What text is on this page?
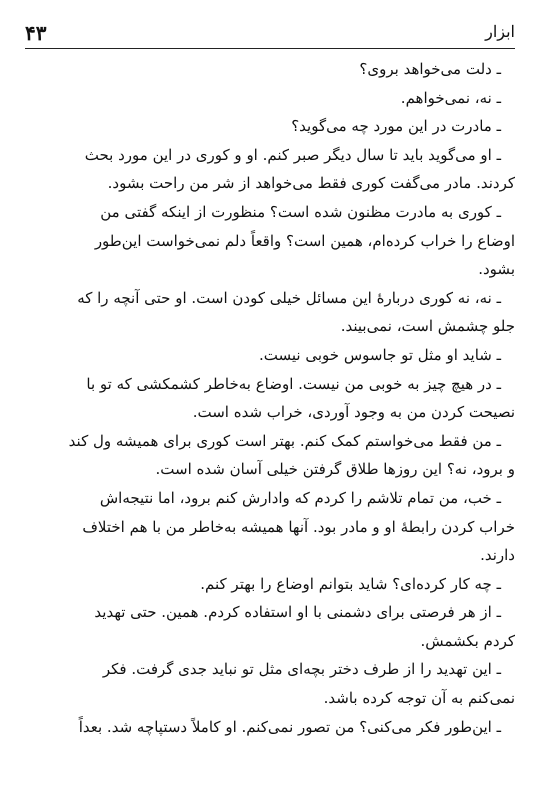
ابزار
۴۳
ـ دلت می‌خواهد بروی؟
ـ نه، نمی‌خواهم.
ـ مادرت در این مورد چه می‌گوید؟
ـ او می‌گوید باید تا سال دیگر صبر کنم. او و کوری در این مورد بحث
کردند. مادر می‌گفت کوری فقط می‌خواهد از شر من راحت بشود.
ـ کوری به مادرت مظنون شده است؟ منظورت از اینکه گفتی من
اوضاع را خراب کرده‌ام، همین است؟ واقعاً دلم نمی‌خواست این‌طور
بشود.
ـ نه، نه کوری دربارهٔ این مسائل خیلی کودن است. او حتی آنچه را که
جلو چشمش است، نمی‌بیند.
ـ شاید او مثل تو جاسوس خوبی نیست.
ـ در هیچ چیز به خوبی من نیست. اوضاع به‌خاطر کشمکشی که تو با
نصیحت کردن من به وجود آوردی، خراب شده است.
ـ من فقط می‌خواستم کمک کنم. بهتر است کوری برای همیشه ول کند
و برود، نه؟ این روزها طلاق گرفتن خیلی آسان شده است.
ـ خب، من تمام تلاشم را کردم که وادارش کنم برود، اما نتیجه‌اش
خراب کردن رابطهٔ او و مادر بود. آنها همیشه به‌خاطر من با هم اختلاف
دارند.
ـ چه کار کرده‌ای؟ شاید بتوانم اوضاع را بهتر کنم.
ـ از هر فرصتی برای دشمنی با او استفاده کردم. همین. حتی تهدید
کردم بکشمش.
ـ این تهدید را از طرف دختر بچه‌ای مثل تو نباید جدی گرفت. فکر
نمی‌کنم به آن توجه کرده باشد.
ـ این‌طور فکر می‌کنی؟ من تصور نمی‌کنم. او کاملاً دستپاچه شد. بعداً
